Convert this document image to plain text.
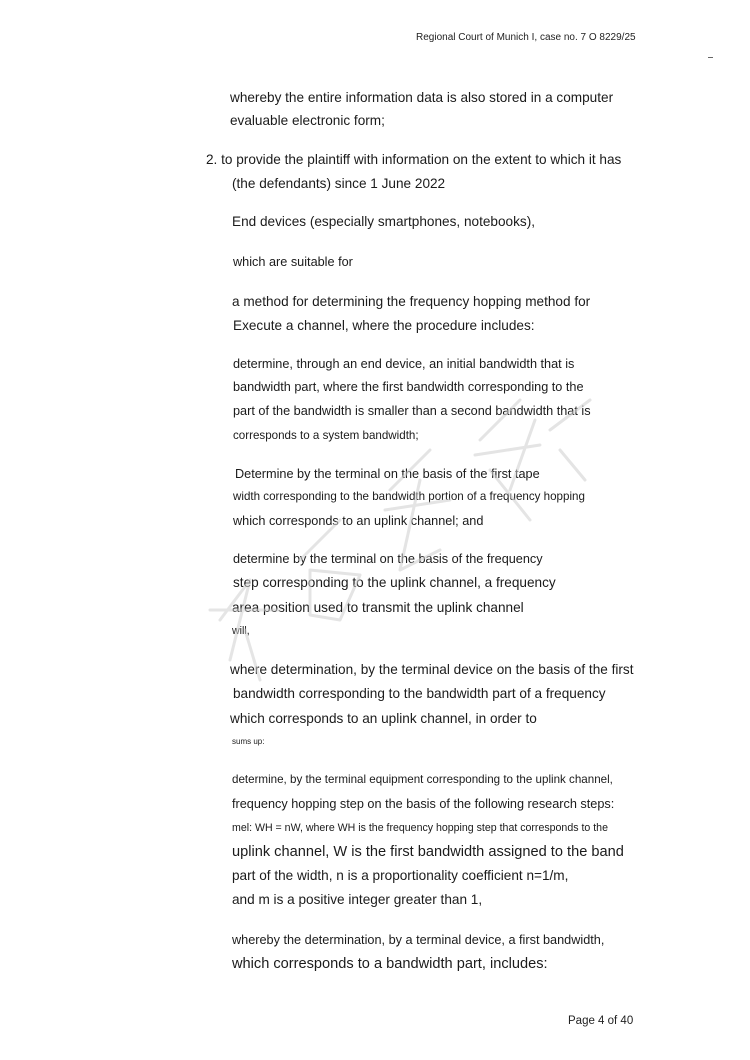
Regional Court of Munich I, case no. 7 O 8229/25
whereby the entire information data is also stored in a computer
evaluable electronic form;
2. to provide the plaintiff with information on the extent to which it has
(the defendants) since 1 June 2022
End devices (especially smartphones, notebooks),
which are suitable for
a method for determining the frequency hopping method for
Execute a channel, where the procedure includes:
determine, through an end device, an initial bandwidth that is
bandwidth part, where the first bandwidth corresponding to the
part of the bandwidth is smaller than a second bandwidth that is
corresponds to a system bandwidth;
Determine by the terminal on the basis of the first tape
width corresponding to the bandwidth portion of a frequency hopping
which corresponds to an uplink channel; and
determine by the terminal on the basis of the frequency
step corresponding to the uplink channel, a frequency
area position used to transmit the uplink channel
will,
where determination, by the terminal device on the basis of the first
bandwidth corresponding to the bandwidth part of a frequency
which corresponds to an uplink channel, in order to
sums up:
determine, by the terminal equipment corresponding to the uplink channel,
frequency hopping step on the basis of the following research steps:
mel: WH = nW, where WH is the frequency hopping step that corresponds to the
uplink channel, W is the first bandwidth assigned to the band
part of the width, n is a proportionality coefficient n=1/m,
and m is a positive integer greater than 1,
whereby the determination, by a terminal device, a first bandwidth,
which corresponds to a bandwidth part, includes:
Page 4 of 40
